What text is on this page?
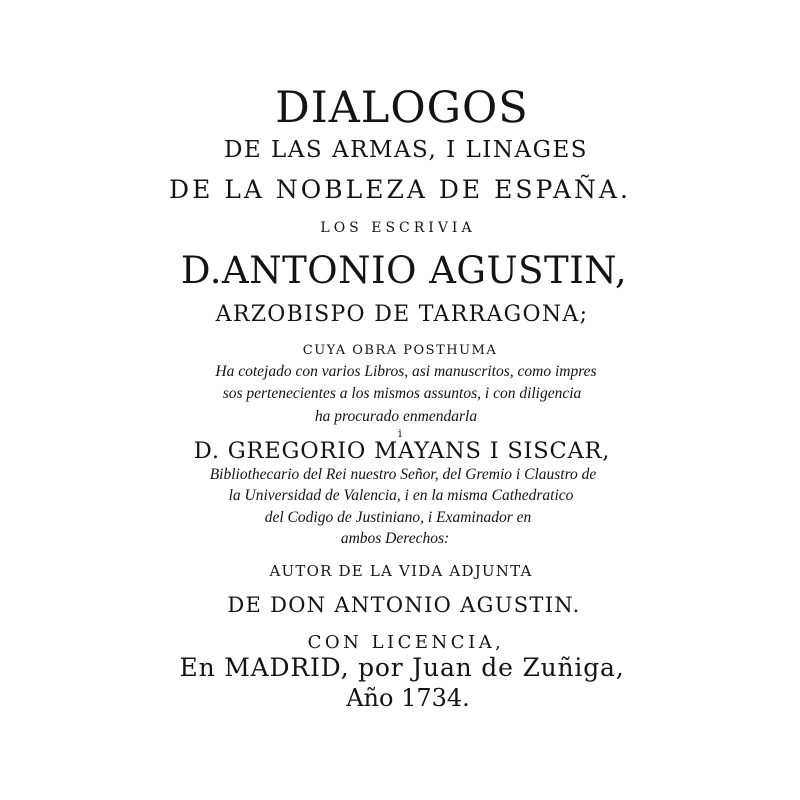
DIALOGOS

DE LAS ARMAS, I LINAGES

DE LA NOBLEZA DE ESPAÑA.

LOS ESCRIVIA

D.ANTONIO AGUSTIN,

ARZOBISPO DE TARRAGONA;

CUYA OBRA POSTHUMA

Ha cotejado con varios Libros, asi manuscritos, como impres

sos pertenecientes a los mismos assuntos, i con diligencia

ha procurado enmendarla

i

D. GREGORIO MAYANS I SISCAR,

Bibliothecario del Rei nuestro Señor, del Gremio i Claustro de

la Universidad de Valencia, i en la misma Cathedratico

del Codigo de Justiniano, i Examinador en

ambos Derechos:

AUTOR DE LA VIDA ADJUNTA

DE DON ANTONIO AGUSTIN.

CON LICENCIA,

En MADRID, por Juan de Zuñiga,

Año 1734.
